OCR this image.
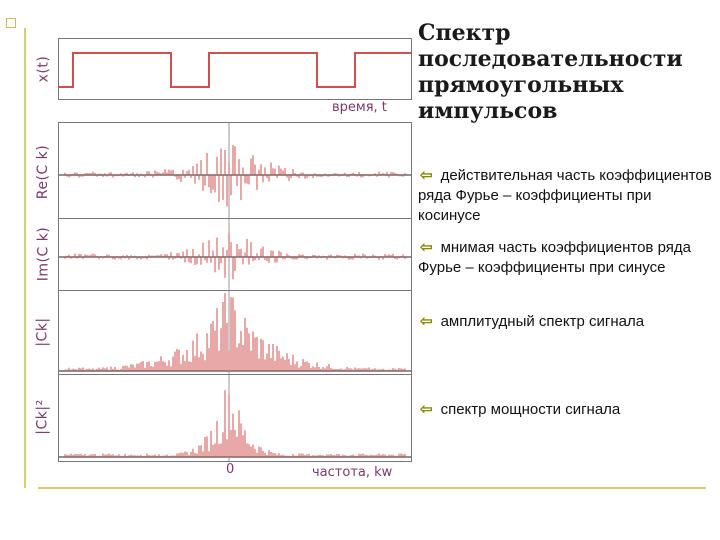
x(t)
время, t
Re(C k)
Im(C k)
|Ck|
|Ck|²
0	частота, kw
Спектр последовательности прямоугольных импульсов
⇦ действительная часть коэффициентов ряда Фурье – коэффициенты при косинусе
⇦ мнимая часть коэффициентов ряда Фурье – коэффициенты при синусе
⇦ амплитудный спектр сигнала
⇦ спектр мощности сигнала
